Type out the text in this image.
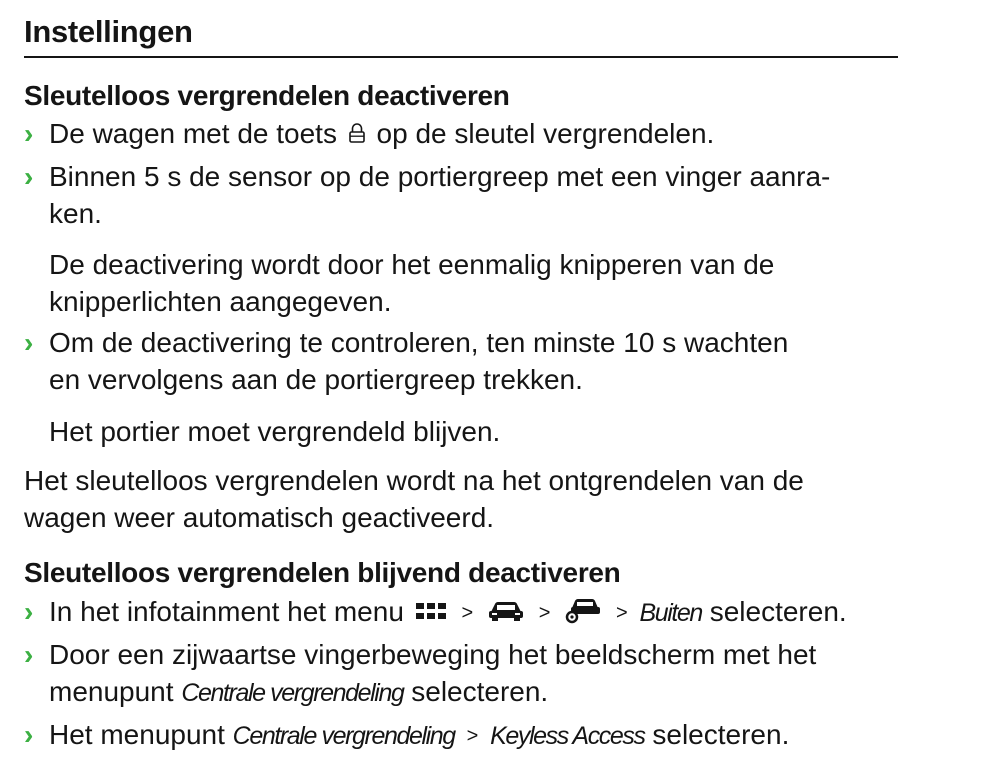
Instellingen
Sleutelloos vergrendelen deactiveren
› De wagen met de toets op de sleutel vergrendelen.
› Binnen 5 s de sensor op de portiergreep met een vinger aanra-
ken.
De deactivering wordt door het eenmalig knipperen van de
knipperlichten aangegeven.
› Om de deactivering te controleren, ten minste 10 s wachten
en vervolgens aan de portiergreep trekken.
Het portier moet vergrendeld blijven.
Het sleutelloos vergrendelen wordt na het ontgrendelen van de
wagen weer automatisch geactiveerd.
Sleutelloos vergrendelen blijvend deactiveren
› In het infotainment het menu	>	>	> Buiten selecteren.
› Door een zijwaartse vingerbeweging het beeldscherm met het
menupunt Centrale vergrendeling selecteren.
› Het menupunt Centrale vergrendeling > Keyless Access selecteren.
